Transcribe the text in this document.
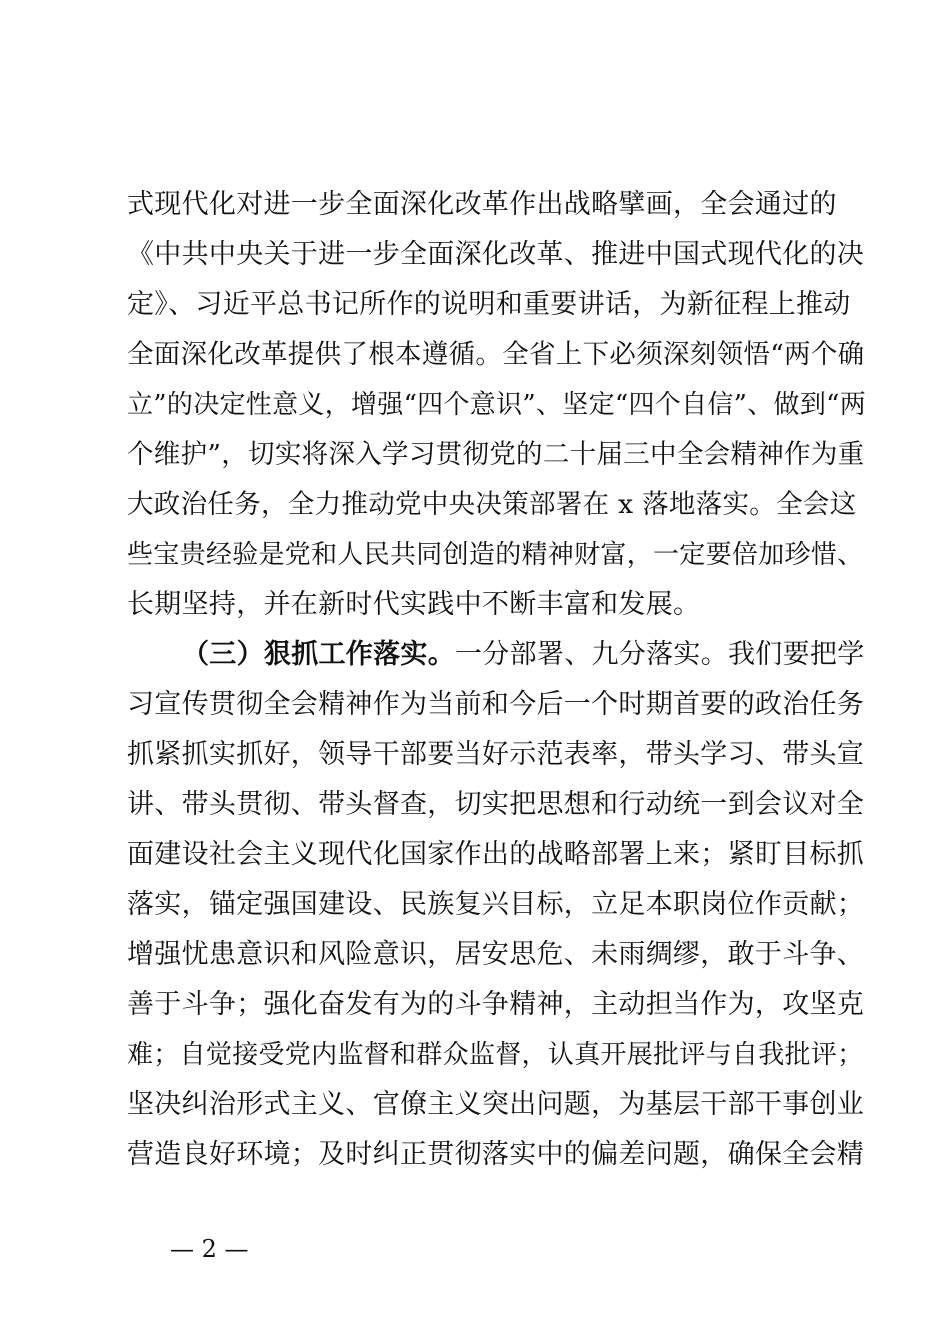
式现代化对进一步全面深化改革作出战略擘画，全会通过的
《中共中央关于进一步全面深化改革、推进中国式现代化的决
定》、习近平总书记所作的说明和重要讲话，为新征程上推动
全面深化改革提供了根本遵循。全省上下必须深刻领悟“两个确
立”的决定性意义，增强“四个意识”、坚定“四个自信”、做到“两
个维护”，切实将深入学习贯彻党的二十届三中全会精神作为重
大政治任务，全力推动党中央决策部署在 x 落地落实。全会这
些宝贵经验是党和人民共同创造的精神财富，一定要倍加珍惜、
长期坚持，并在新时代实践中不断丰富和发展。
（三）狠抓工作落实。一分部署、九分落实。我们要把学
习宣传贯彻全会精神作为当前和今后一个时期首要的政治任务
抓紧抓实抓好，领导干部要当好示范表率，带头学习、带头宣
讲、带头贯彻、带头督查，切实把思想和行动统一到会议对全
面建设社会主义现代化国家作出的战略部署上来；紧盯目标抓
落实，锚定强国建设、民族复兴目标，立足本职岗位作贡献；
增强忧患意识和风险意识，居安思危、未雨绸缪，敢于斗争、
善于斗争；强化奋发有为的斗争精神，主动担当作为，攻坚克
难；自觉接受党内监督和群众监督，认真开展批评与自我批评；
坚决纠治形式主义、官僚主义突出问题，为基层干部干事创业
营造良好环境；及时纠正贯彻落实中的偏差问题，确保全会精
— 2 —
